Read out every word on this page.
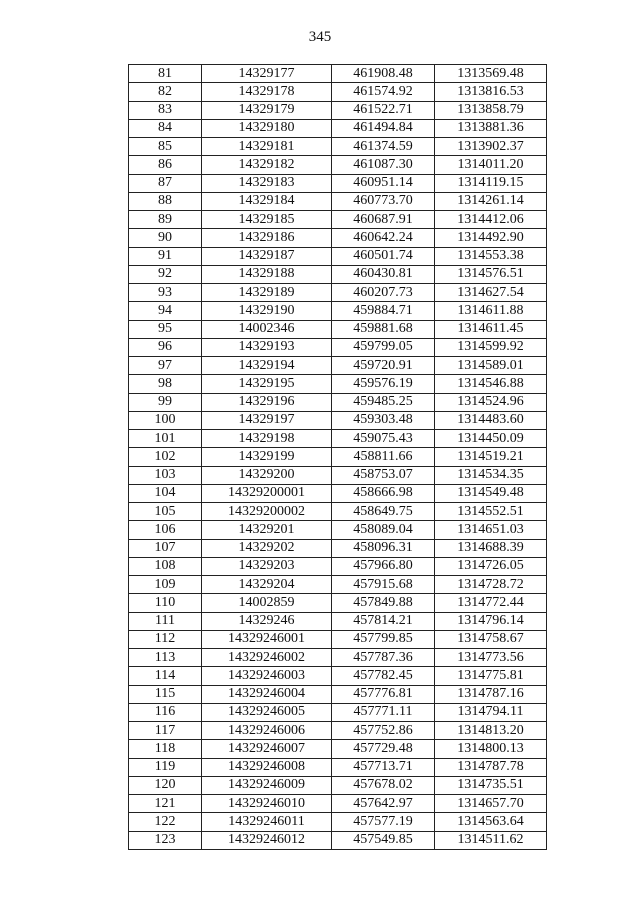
345
81	14329177	461908.48	1313569.48
82	14329178	461574.92	1313816.53
83	14329179	461522.71	1313858.79
84	14329180	461494.84	1313881.36
85	14329181	461374.59	1313902.37
86	14329182	461087.30	1314011.20
87	14329183	460951.14	1314119.15
88	14329184	460773.70	1314261.14
89	14329185	460687.91	1314412.06
90	14329186	460642.24	1314492.90
91	14329187	460501.74	1314553.38
92	14329188	460430.81	1314576.51
93	14329189	460207.73	1314627.54
94	14329190	459884.71	1314611.88
95	14002346	459881.68	1314611.45
96	14329193	459799.05	1314599.92
97	14329194	459720.91	1314589.01
98	14329195	459576.19	1314546.88
99	14329196	459485.25	1314524.96
100	14329197	459303.48	1314483.60
101	14329198	459075.43	1314450.09
102	14329199	458811.66	1314519.21
103	14329200	458753.07	1314534.35
104	14329200001	458666.98	1314549.48
105	14329200002	458649.75	1314552.51
106	14329201	458089.04	1314651.03
107	14329202	458096.31	1314688.39
108	14329203	457966.80	1314726.05
109	14329204	457915.68	1314728.72
110	14002859	457849.88	1314772.44
111	14329246	457814.21	1314796.14
112	14329246001	457799.85	1314758.67
113	14329246002	457787.36	1314773.56
114	14329246003	457782.45	1314775.81
115	14329246004	457776.81	1314787.16
116	14329246005	457771.11	1314794.11
117	14329246006	457752.86	1314813.20
118	14329246007	457729.48	1314800.13
119	14329246008	457713.71	1314787.78
120	14329246009	457678.02	1314735.51
121	14329246010	457642.97	1314657.70
122	14329246011	457577.19	1314563.64
123	14329246012	457549.85	1314511.62
